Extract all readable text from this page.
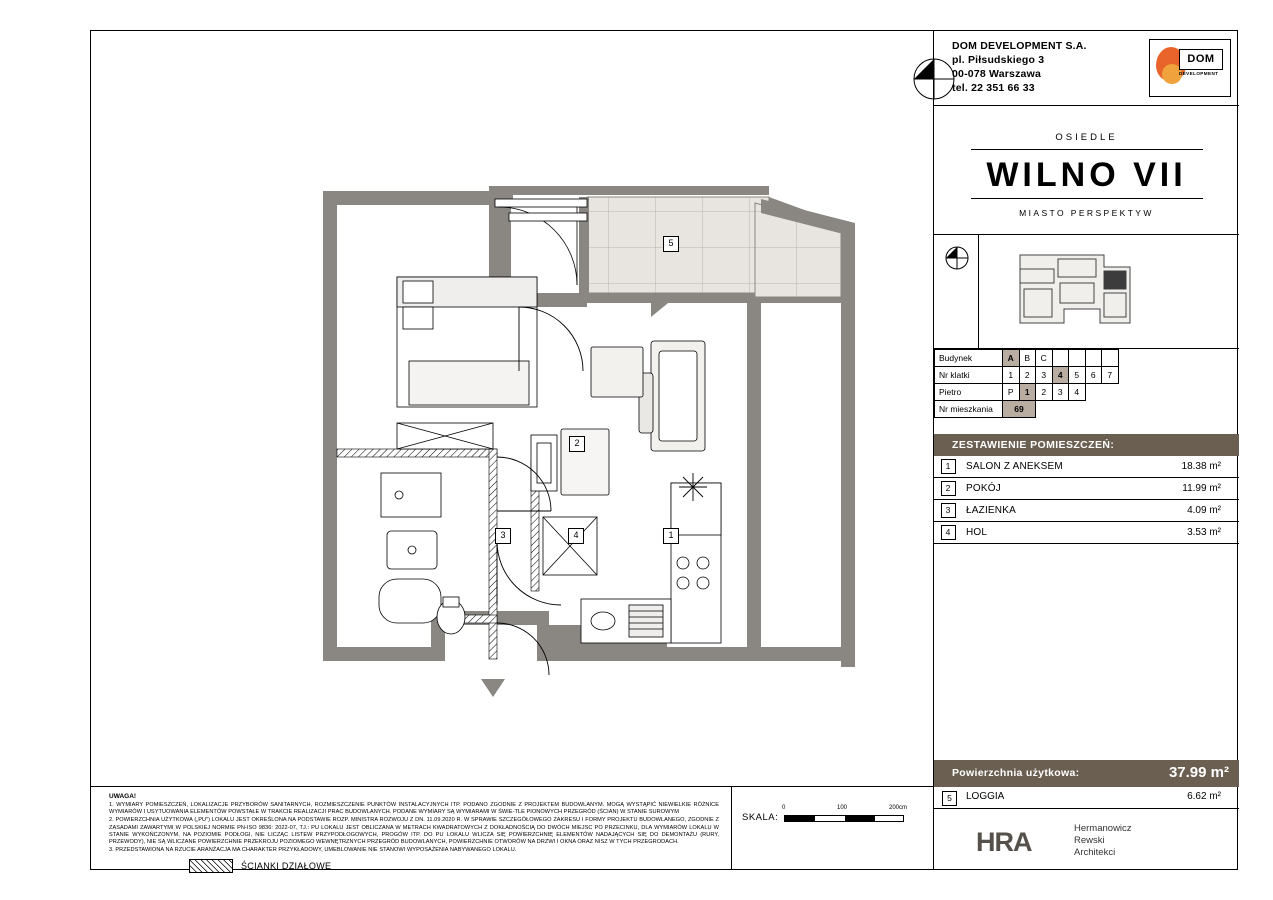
5
2
3	4	1
UWAGA!

1. WYMIARY POMIESZCZEŃ, LOKALIZACJE PRZYBORÓW SANITARNYCH, ROZMIESZCZENIE PUNKTÓW INSTALACYJNYCH ITP. PODANO ZGODNIE Z PROJEKTEM BUDOWLANYM. MOGĄ WYSTĄPIĆ NIEWIELKIE RÓŻNICE WYMIARÓW I USYTUOWANIA ELEMENTÓW POWSTAŁE W TRAKCIE REALIZACJI PRAC BUDOWLANYCH. PODANE WYMIARY SĄ WYMIARAMI W ŚWIE-TLE PIONOWYCH PRZEGRÓD (ŚCIAN) W STANIE SUROWYM

2. POWIERZCHNIA UŻYTKOWA („PU") LOKALU JEST OKREŚLONA NA PODSTAWIE ROZP. MINISTRA ROZWOJU Z DN. 11.09.2020 R. W SPRAWIE SZCZEGÓŁOWEGO ZAKRESU I FORMY PROJEKTU BUDOWLANEGO, ZGODNIE Z ZASADAMI ZAWARTYMI W POLSKIEJ NORMIE PN-ISO 9836: 2022-07, TJ.: PU LOKALU JEST OBLICZANA W METRACH KWADRATOWYCH Z DOKŁADNOŚCIĄ DO DWÓCH MIEJSC PO PRZECINKU, DLA WYMIARÓW LOKALU W STANIE WYKOŃCZONYM, NA POZIOMIE PODŁOGI, NIE LICZĄC LISTEW PRZYPODŁOGOWYCH, PROGÓW ITP. DO PU LOKALU WLICZA SIĘ POWIERZCHNIĘ ELEMENTÓW NADAJĄCYCH SIĘ DO DEMONTAŻU (RURY, PRZEWODY), NIE SĄ WLICZANE POWIERZCHNIE PRZEKROJU POZIOMEGO WEWNĘTRZNYCH PRZEGRÓD BUDOWLANYCH, POWIERZCHNIE OTWORÓW NA DRZWI I OKNA ORAZ NISZ W TYCH PRZEGRODACH.

3. PRZEDSTAWIONA NA RZUCIE ARANŻACJA MA CHARAKTER PRZYKŁADOWY, UMEBLOWANIE NIE STANOWI WYPOSAŻENIA NABYWANEGO LOKALU.

SKALA:
0	100	200cm
ŚCIANKI DZIAŁOWE
DOM DEVELOPMENT S.A.
pl. Piłsudskiego 3
00-078 Warszawa
tel. 22 351 66 33
DOM
DEVELOPMENT
OSIEDLE
WILNO VII
MIASTO PERSPEKTYW
Budynek	A	B	C					
Nr klatki	1	2	3	4	5	6	7	
Pietro	P	1	2	3	4			
Nr mieszkania	69							
ZESTAWIENIE POMIESZCZEŃ:
1	SALON Z ANEKSEM	18.38 m²
2	POKÓJ	11.99 m²
3	ŁAZIENKA	4.09 m²
4	HOL	3.53 m²
Powierzchnia użytkowa:	37.99 m²
5	LOGGIA	6.62 m²
HRA	Hermanowicz
Rewski
Architekci
